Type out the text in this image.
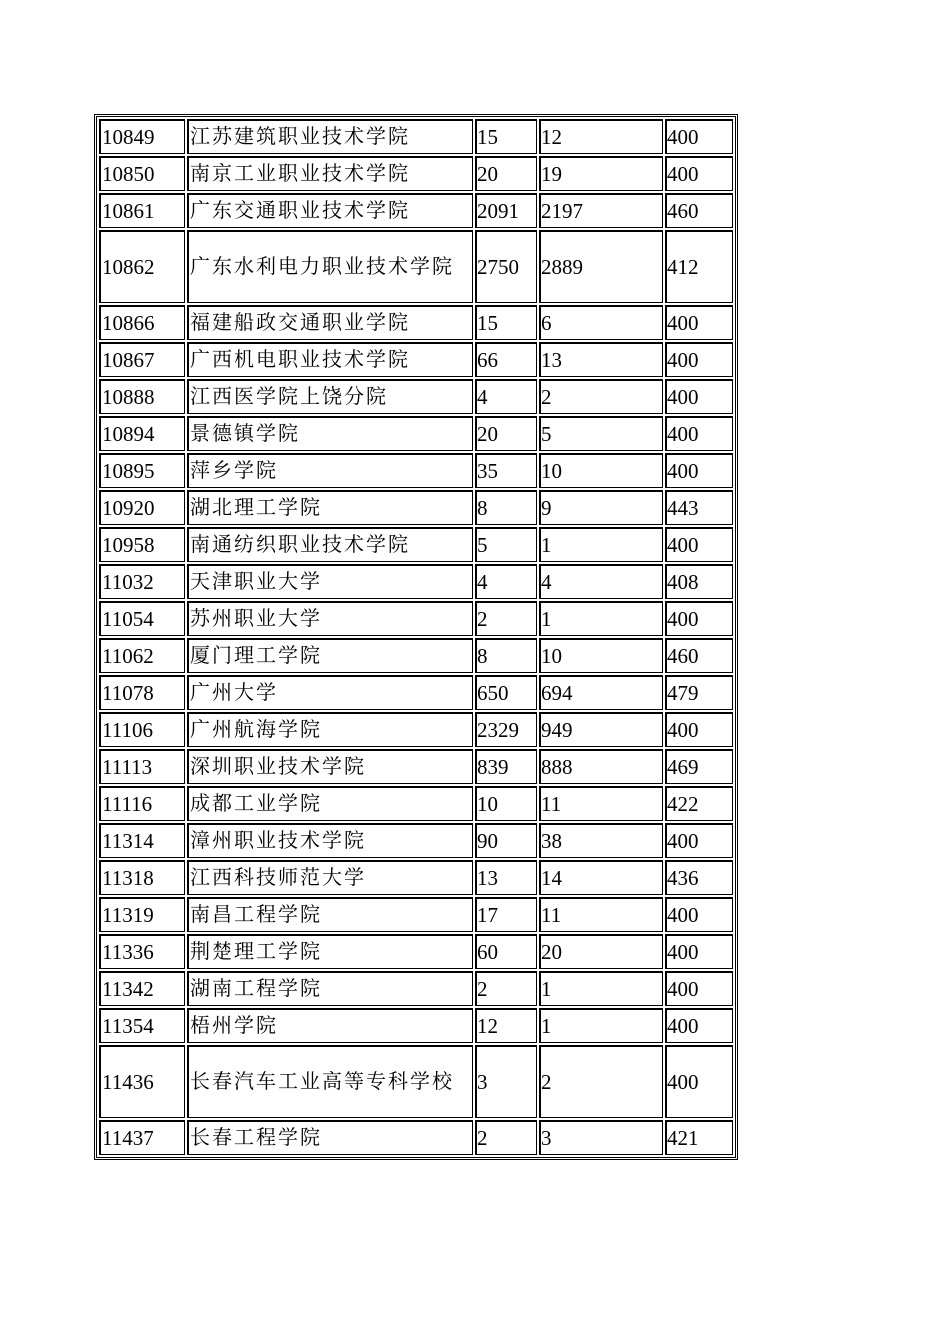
10849	江苏建筑职业技术学院	15	12	400
10850	南京工业职业技术学院	20	19	400
10861	广东交通职业技术学院	2091	2197	460
10862	广东水利电力职业技术学院	2750	2889	412
10866	福建船政交通职业学院	15	6	400
10867	广西机电职业技术学院	66	13	400
10888	江西医学院上饶分院	4	2	400
10894	景德镇学院	20	5	400
10895	萍乡学院	35	10	400
10920	湖北理工学院	8	9	443
10958	南通纺织职业技术学院	5	1	400
11032	天津职业大学	4	4	408
11054	苏州职业大学	2	1	400
11062	厦门理工学院	8	10	460
11078	广州大学	650	694	479
11106	广州航海学院	2329	949	400
11113	深圳职业技术学院	839	888	469
11116	成都工业学院	10	11	422
11314	漳州职业技术学院	90	38	400
11318	江西科技师范大学	13	14	436
11319	南昌工程学院	17	11	400
11336	荆楚理工学院	60	20	400
11342	湖南工程学院	2	1	400
11354	梧州学院	12	1	400
11436	长春汽车工业高等专科学校	3	2	400
11437	长春工程学院	2	3	421
